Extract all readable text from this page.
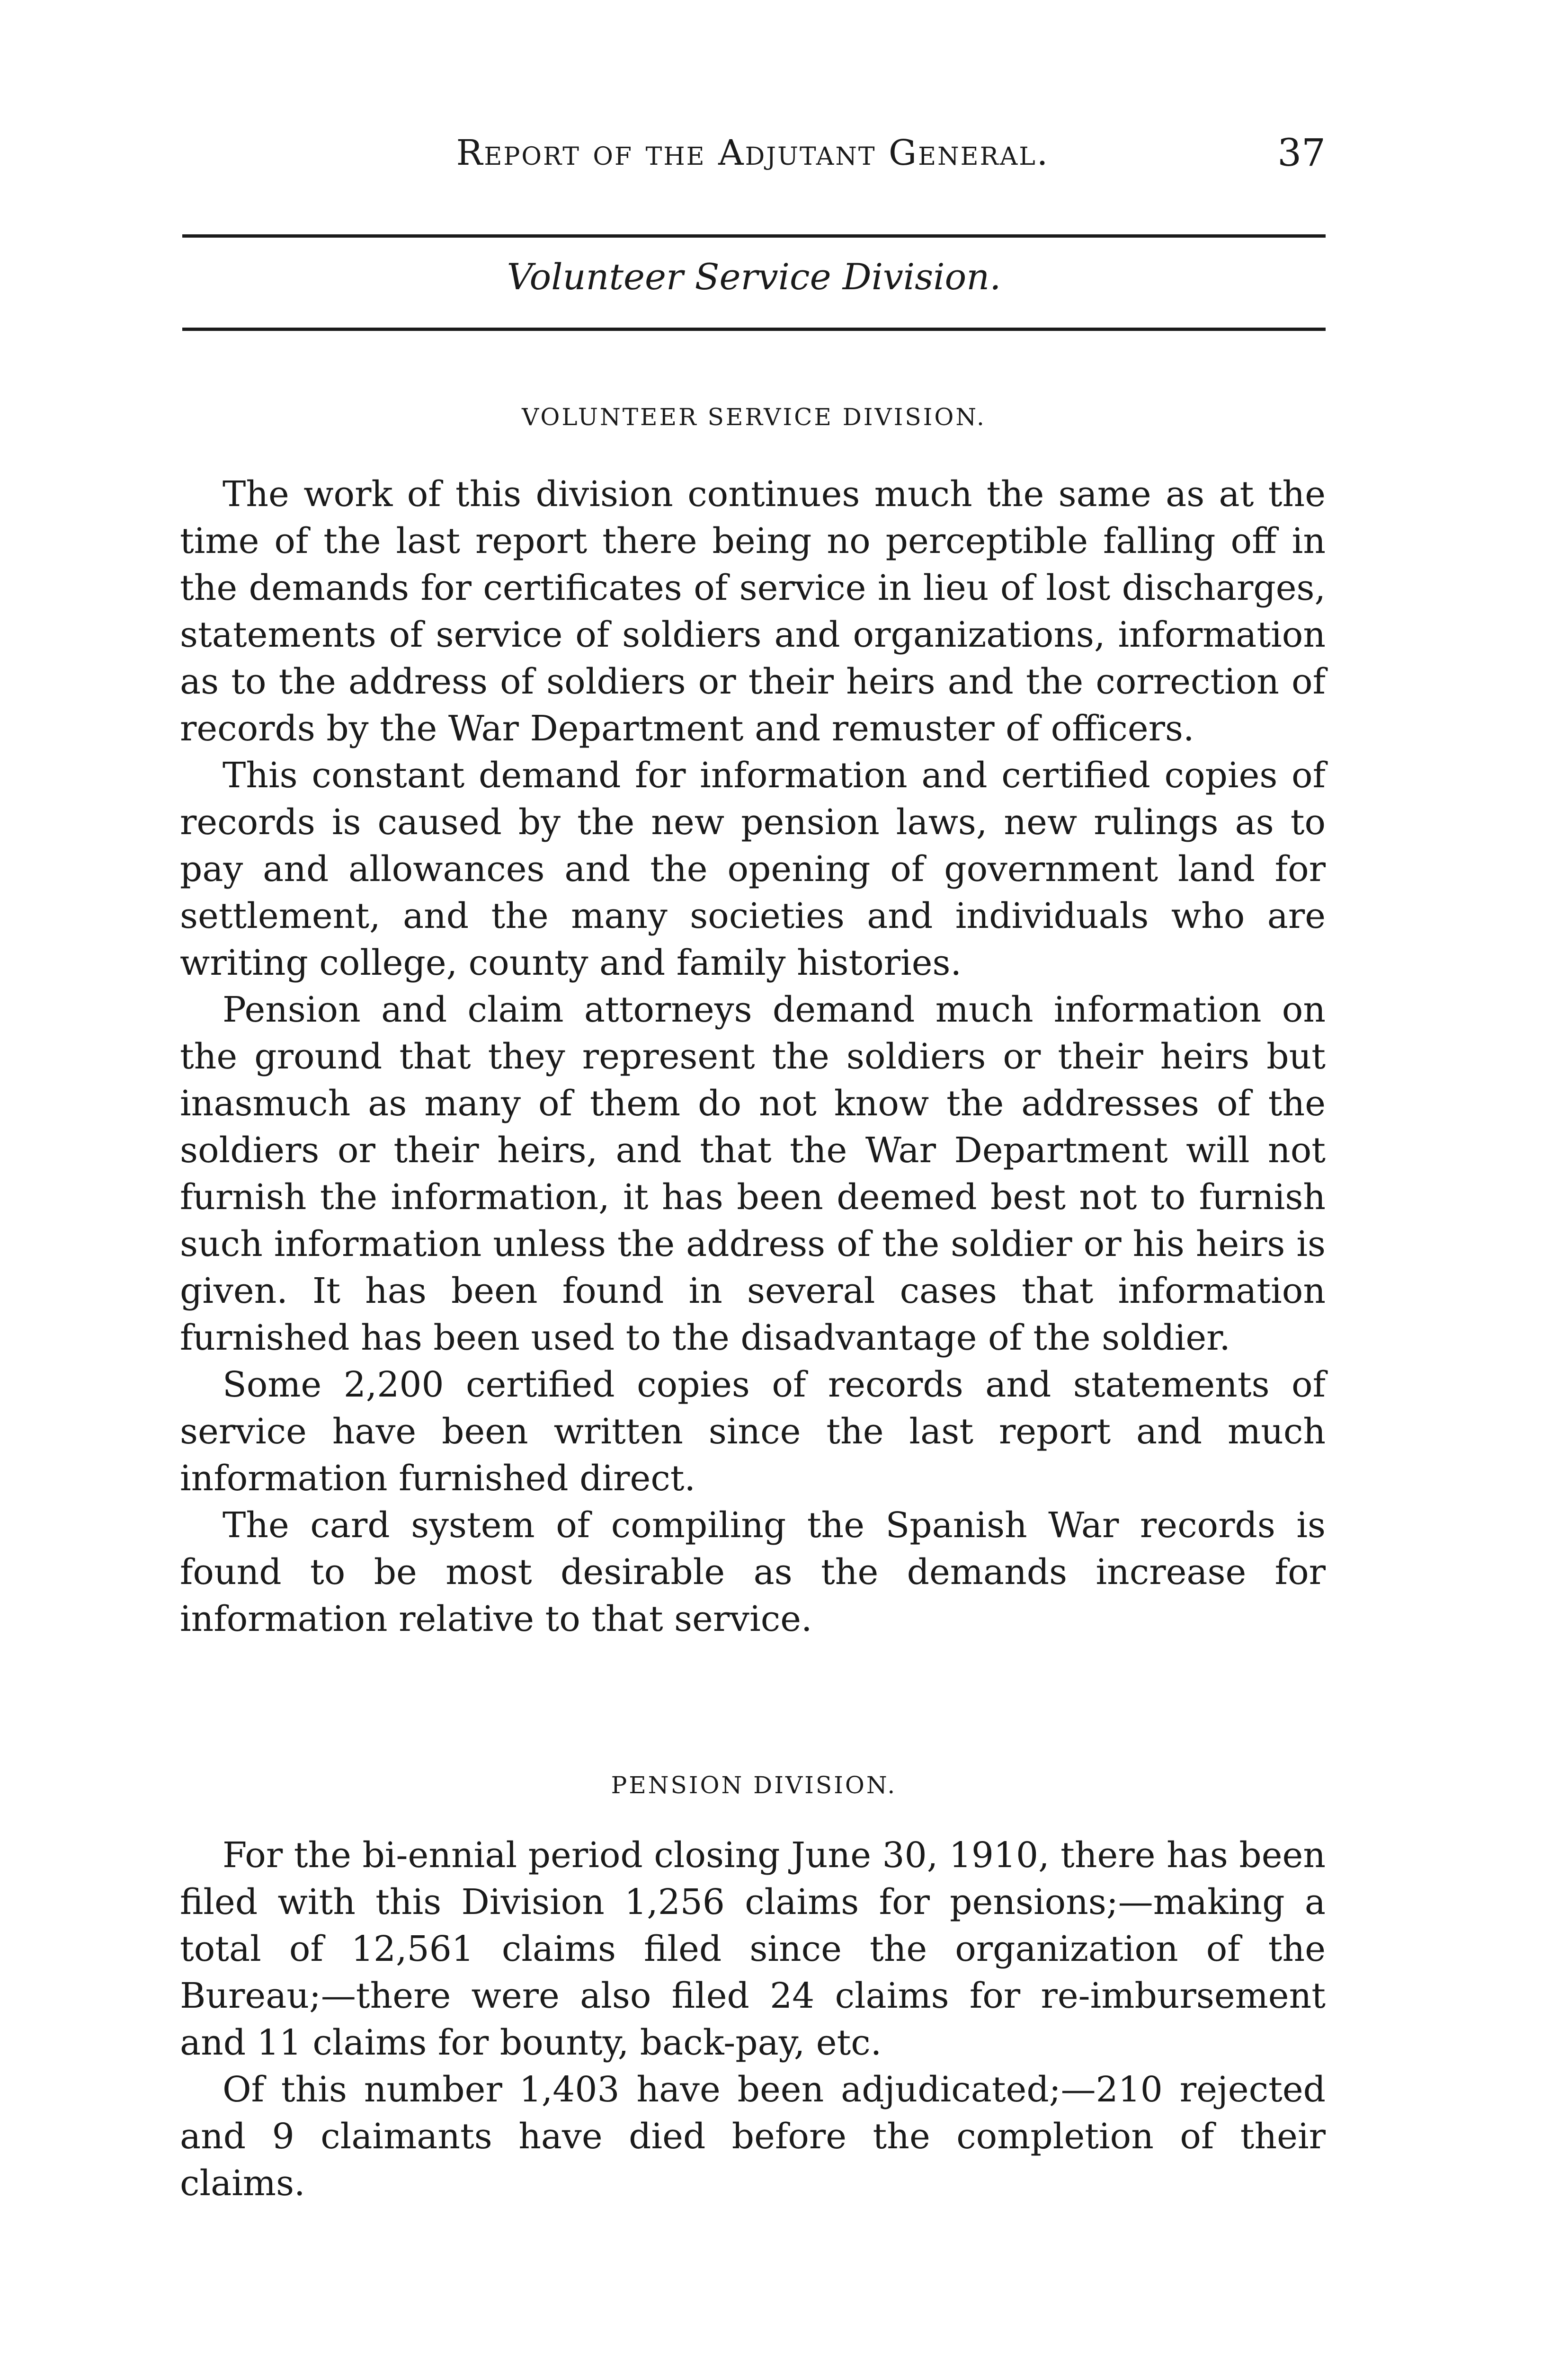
Report of the Adjutant General.	37
Volunteer Service Division.
VOLUNTEER SERVICE DIVISION.

The work of this division continues much the same as at the time of the last report there being no perceptible falling off in the demands for certificates of service in lieu of lost discharges, statements of service of soldiers and organizations, information as to the address of soldiers or their heirs and the correction of records by the War Department and remuster of officers.

This constant demand for information and certified copies of records is caused by the new pension laws, new rulings as to pay and allowances and the opening of government land for settlement, and the many societies and individuals who are writing college, county and family histories.

Pension and claim attorneys demand much information on the ground that they represent the soldiers or their heirs but inasmuch as many of them do not know the addresses of the soldiers or their heirs, and that the War Department will not furnish the information, it has been deemed best not to furnish such information unless the address of the soldier or his heirs is given. It has been found in several cases that information furnished has been used to the disadvantage of the soldier.

Some 2,200 certified copies of records and statements of service have been written since the last report and much information furnished direct.

The card system of compiling the Spanish War records is found to be most desirable as the demands increase for information relative to that service.

PENSION DIVISION.

For the bi-ennial period closing June 30, 1910, there has been filed with this Division 1,256 claims for pensions;—making a total of 12,561 claims filed since the organization of the Bureau;—there were also filed 24 claims for re-imbursement and 11 claims for bounty, back-pay, etc.

Of this number 1,403 have been adjudicated;—210 rejected and 9 claimants have died before the completion of their claims.
